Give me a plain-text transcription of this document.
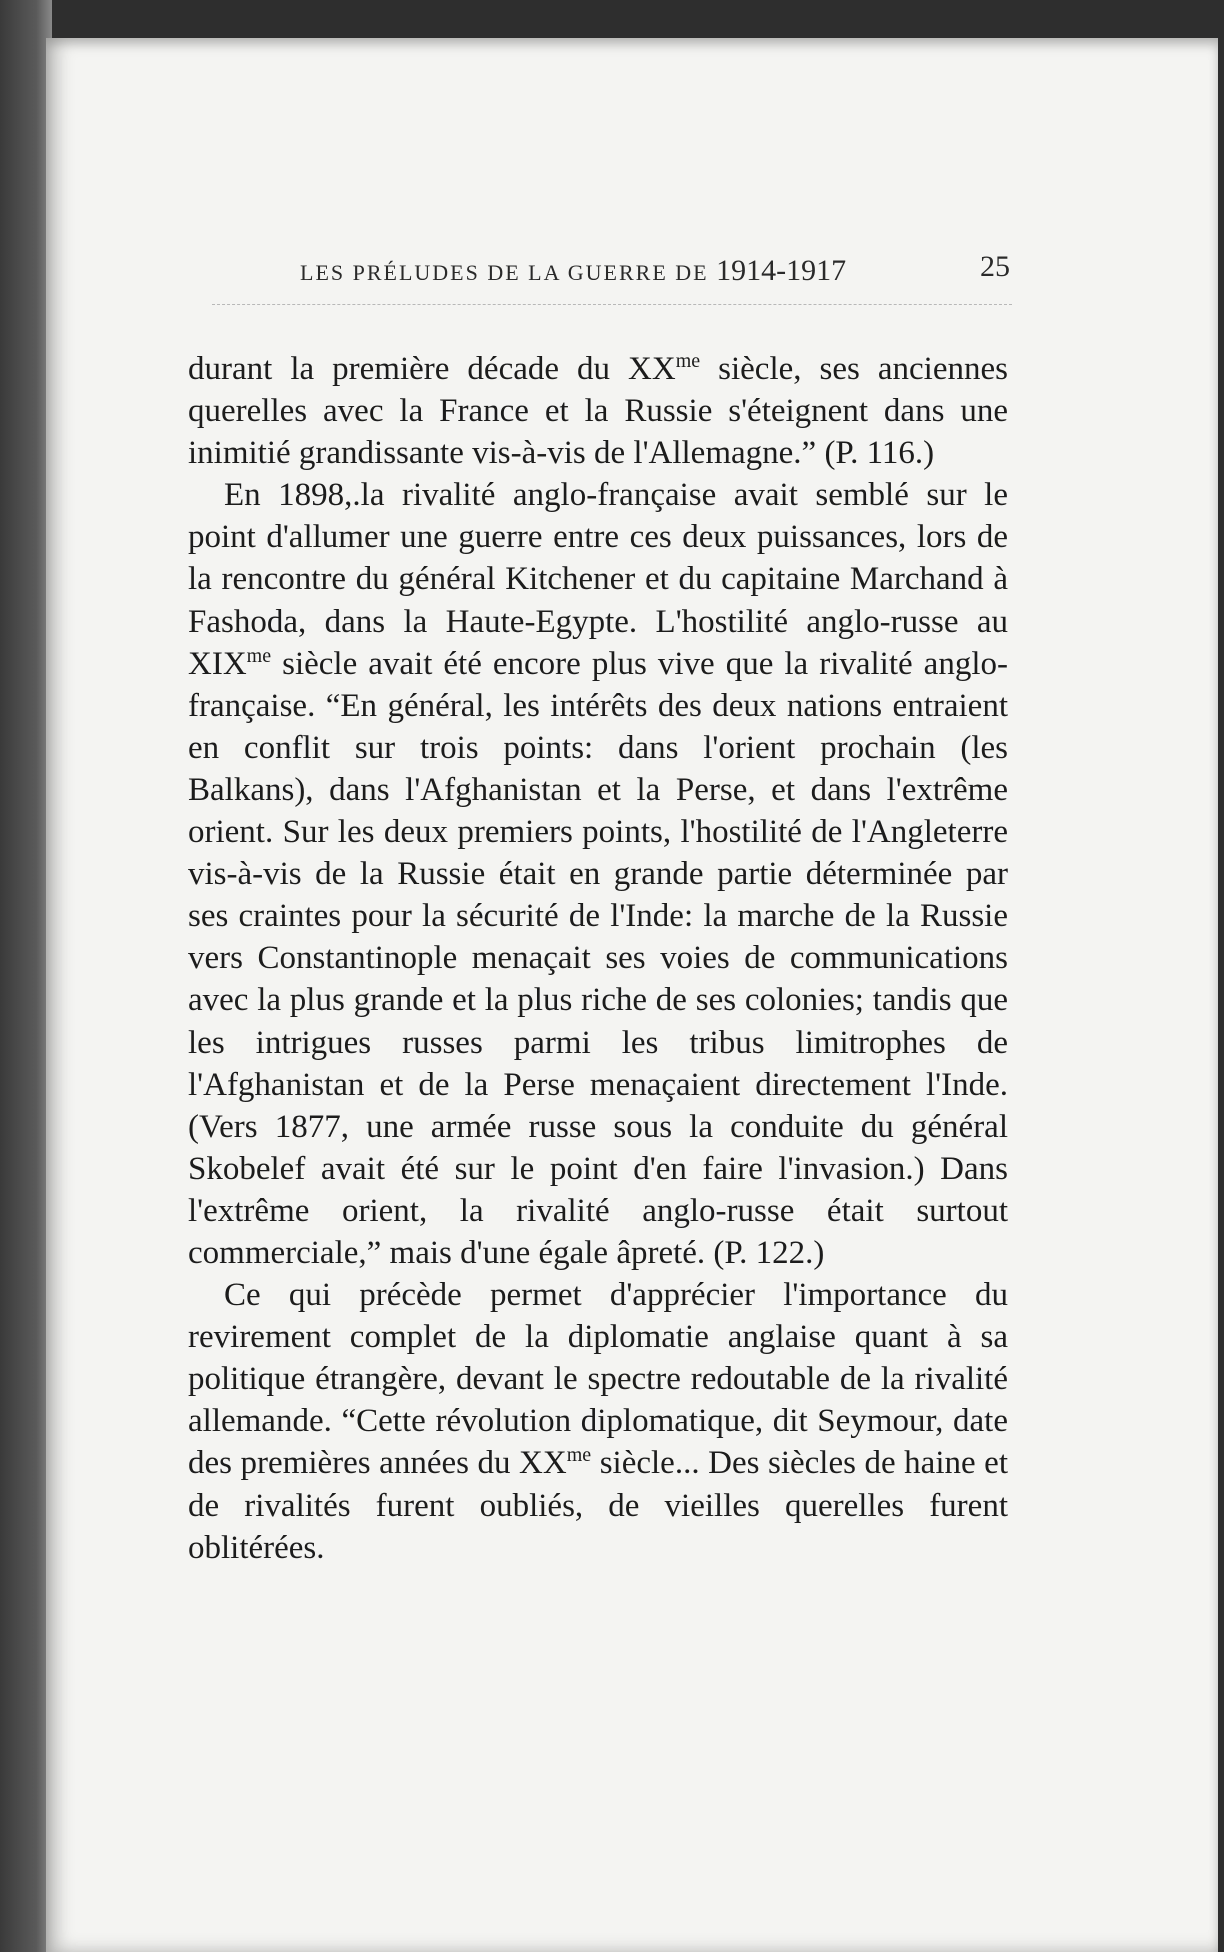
LES PRÉLUDES DE LA GUERRE DE 1914-1917	25

durant la première décade du $XX^{me}$ siècle, ses anciennes querelles avec la France et la Russie s'éteignent dans une inimitié grandissante vis-à-vis de l'Allemagne.” (P. 116.)

En 1898,.la rivalité anglo-française avait semblé sur le point d'allumer une guerre entre ces deux puissances, lors de la rencontre du général Kitchener et du capitaine Marchand à Fashoda, dans la Haute-Egypte. L'hostilité anglo-russe au $XIX^{me}$ siècle avait été encore plus vive que la rivalité anglo-française. “En général, les intérêts des deux nations entraient en conflit sur trois points: dans l'orient prochain (les Balkans), dans l'Afghanistan et la Perse, et dans l'extrême orient. Sur les deux premiers points, l'hostilité de l'Angleterre vis-à-vis de la Russie était en grande partie déterminée par ses craintes pour la sécurité de l'Inde: la marche de la Russie vers Constantinople menaçait ses voies de communications avec la plus grande et la plus riche de ses colonies; tandis que les intrigues russes parmi les tribus limitrophes de l'Afghanistan et de la Perse menaçaient directement l'Inde. (Vers 1877, une armée russe sous la conduite du général Skobelef avait été sur le point d'en faire l'invasion.) Dans l'extrême orient, la rivalité anglo-russe était surtout commerciale,” mais d'une égale âpreté. (P. 122.)

Ce qui précède permet d'apprécier l'importance du revirement complet de la diplomatie anglaise quant à sa politique étrangère, devant le spectre redoutable de la rivalité allemande. “Cette révolution diplomatique, dit Seymour, date des premières années du $XX^{me}$ siècle... Des siècles de haine et de rivalités furent oubliés, de vieilles querelles furent oblitérées.
